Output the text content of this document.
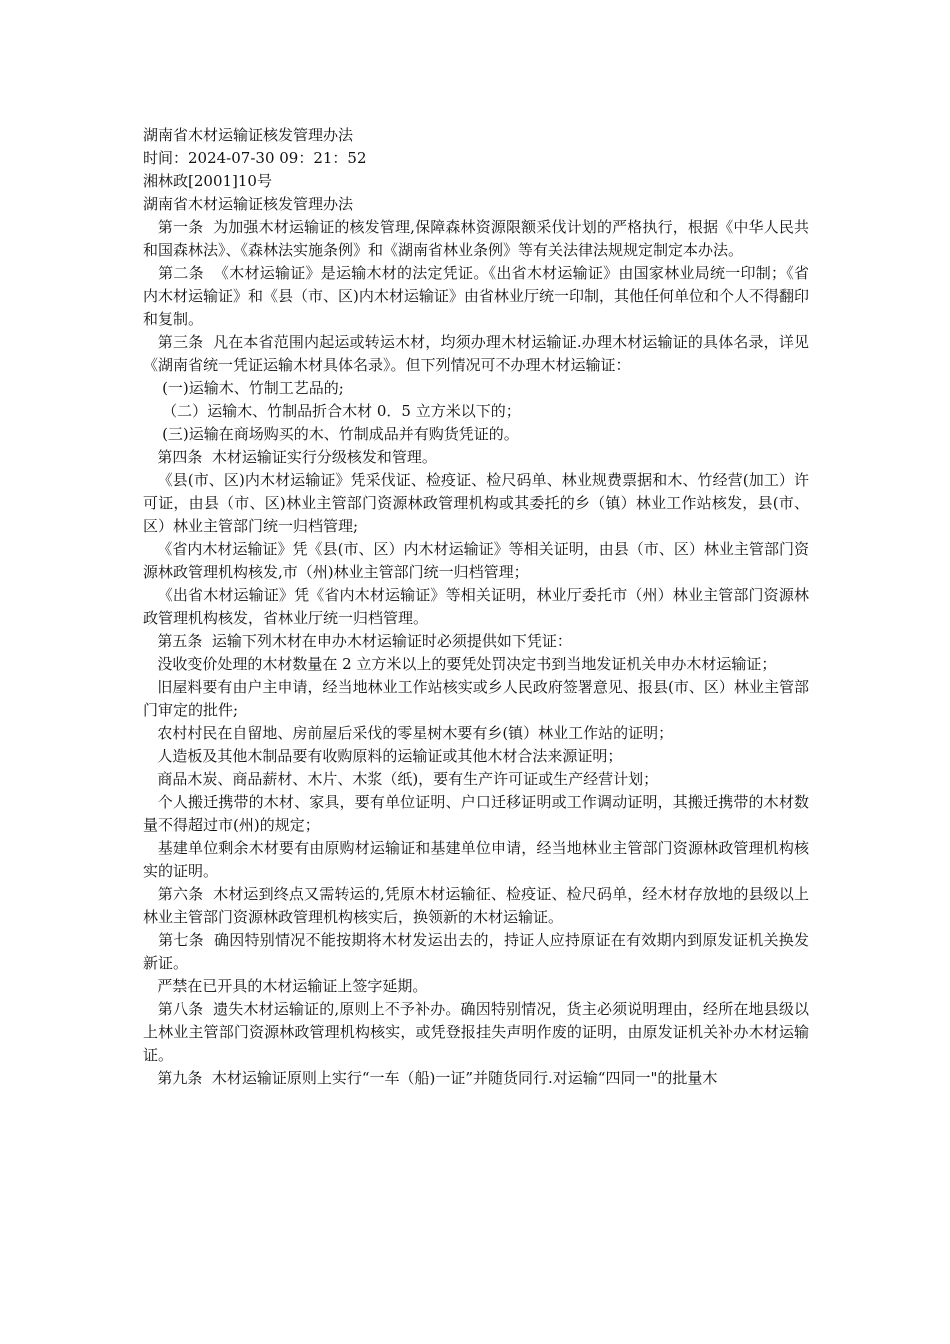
湖南省木材运输证核发管理办法

时间：2024-07-30 09：21：52

湘林政[2001]10号

湖南省木材运输证核发管理办法

第一条  为加强木材运输证的核发管理,保障森林资源限额采伐计划的严格执行，根据《中华人民共和国森林法》、《森林法实施条例》和《湖南省林业条例》等有关法律法规规定制定本办法。

第二条  《木材运输证》是运输木材的法定凭证。《出省木材运输证》由国家林业局统一印制；《省内木材运输证》和《县（市、区)内木材运输证》由省林业厅统一印制，其他任何单位和个人不得翻印和复制。

第三条  凡在本省范围内起运或转运木材，均须办理木材运输证.办理木材运输证的具体名录，详见《湖南省统一凭证运输木材具体名录》。但下列情况可不办理木材运输证：

(一)运输木、竹制工艺品的;

（二）运输木、竹制品折合木材 0．5 立方米以下的；

(三)运输在商场购买的木、竹制成品并有购货凭证的。

第四条  木材运输证实行分级核发和管理。

《县(市、区)内木材运输证》凭采伐证、检疫证、检尺码单、林业规费票据和木、竹经营(加工）许可证，由县（市、区)林业主管部门资源林政管理机构或其委托的乡（镇）林业工作站核发，县(市、区）林业主管部门统一归档管理;

《省内木材运输证》凭《县(市、区）内木材运输证》等相关证明，由县（市、区）林业主管部门资源林政管理机构核发,市（州)林业主管部门统一归档管理；

《出省木材运输证》凭《省内木材运输证》等相关证明，林业厅委托市（州）林业主管部门资源林政管理机构核发，省林业厅统一归档管理。

第五条  运输下列木材在申办木材运输证时必须提供如下凭证：

没收变价处理的木材数量在 2 立方米以上的要凭处罚决定书到当地发证机关申办木材运输证；

旧屋料要有由户主申请，经当地林业工作站核实或乡人民政府签署意见、报县(市、区）林业主管部门审定的批件;

农村村民在自留地、房前屋后采伐的零星树木要有乡(镇）林业工作站的证明；

人造板及其他木制品要有收购原料的运输证或其他木材合法来源证明；

商品木炭、商品薪材、木片、木浆（纸)，要有生产许可证或生产经营计划；

个人搬迁携带的木材、家具，要有单位证明、户口迁移证明或工作调动证明，其搬迁携带的木材数量不得超过市(州)的规定；

基建单位剩余木材要有由原购材运输证和基建单位申请，经当地林业主管部门资源林政管理机构核实的证明。

第六条  木材运到终点又需转运的,凭原木材运输征、检疫证、检尺码单，经木材存放地的县级以上林业主管部门资源林政管理机构核实后，换领新的木材运输证。

第七条  确因特别情况不能按期将木材发运出去的，持证人应持原证在有效期内到原发证机关换发新证。

严禁在已开具的木材运输证上签字延期。

第八条  遗失木材运输证的,原则上不予补办。确因特别情况，货主必须说明理由，经所在地县级以上林业主管部门资源林政管理机构核实，或凭登报挂失声明作废的证明，由原发证机关补办木材运输证。

第九条  木材运输证原则上实行“一车（船)一证”并随货同行.对运输“四同一"的批量木
